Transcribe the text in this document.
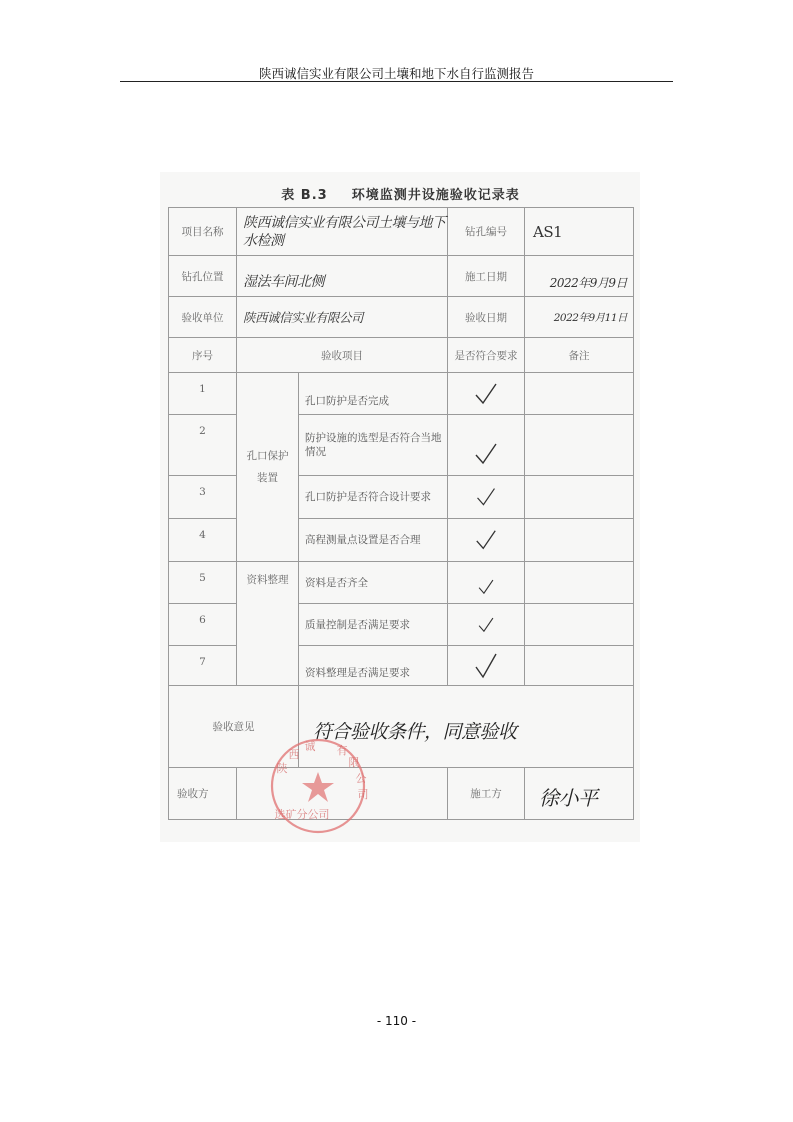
陕西诚信实业有限公司土壤和地下水自行监测报告
表 B.3 环境监测井设施验收记录表
项目名称	陕西诚信实业有限公司土壤与地下水检测		钻孔编号	AS1
钻孔位置	湿法车间北侧		施工日期	2022年9月9日
验收单位	陕西诚信实业有限公司		验收日期	2022年9月11日
序号	验收项目		是否符合要求	备注
1	孔口保护装置	孔口防护是否完成	

2		防护设施的选型是否符合当地情况	

3		孔口防护是否符合设计要求	

4		高程测量点设置是否合理	

5	资料整理	资料是否齐全	

6		质量控制是否满足要求	

7		资料整理是否满足要求	

验收意见		符合验收条件，同意验收		
验收方			施工方	徐小平
陕
西
诚 有
限
公
司
选矿分公司
- 110 -
